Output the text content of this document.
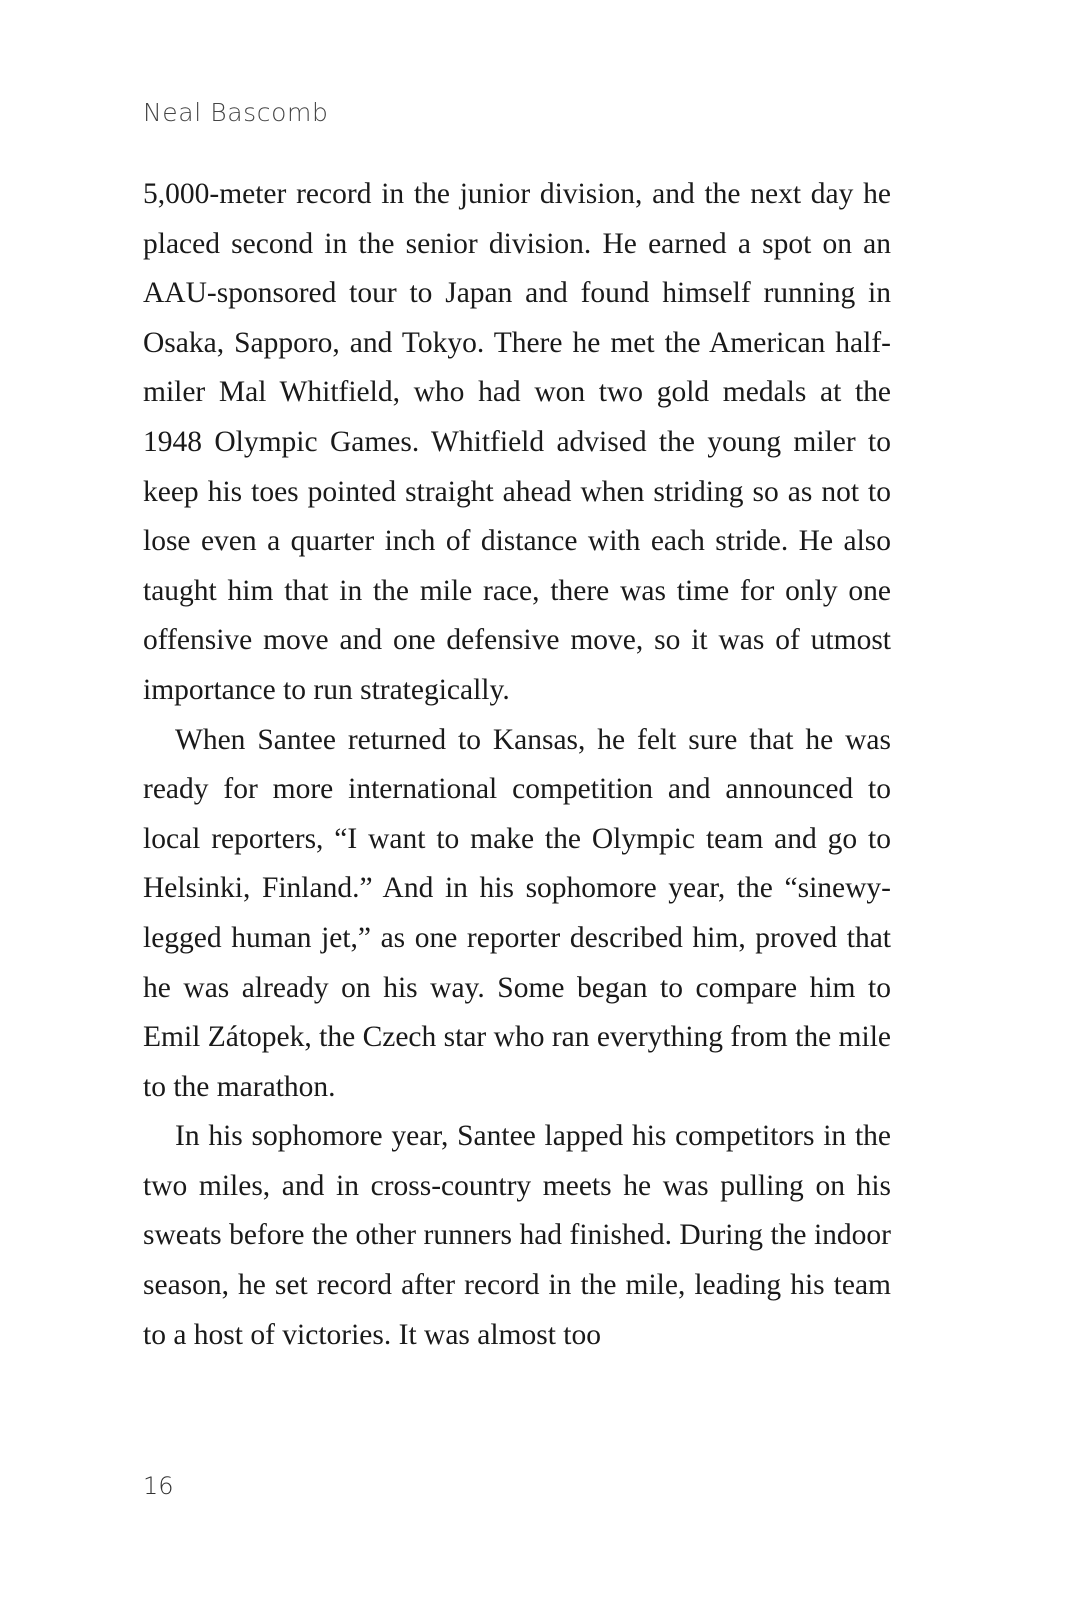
Neal Bascomb

5,000-meter record in the junior division, and the next day he placed second in the senior division. He earned a spot on an AAU-sponsored tour to Japan and found himself running in Osaka, Sapporo, and Tokyo. There he met the American half-miler Mal Whitfield, who had won two gold medals at the 1948 Olympic Games. Whitfield advised the young miler to keep his toes pointed straight ahead when striding so as not to lose even a quarter inch of distance with each stride. He also taught him that in the mile race, there was time for only one offensive move and one defensive move, so it was of utmost importance to run strategically.

When Santee returned to Kansas, he felt sure that he was ready for more international competition and announced to local reporters, “I want to make the Olympic team and go to Helsinki, Finland.” And in his sophomore year, the “sinewy-legged human jet,” as one reporter described him, proved that he was already on his way. Some began to compare him to Emil Zátopek, the Czech star who ran everything from the mile to the marathon.

In his sophomore year, Santee lapped his competitors in the two miles, and in cross-country meets he was pulling on his sweats before the other runners had finished. During the indoor season, he set record after record in the mile, leading his team to a host of victories. It was almost too

16
